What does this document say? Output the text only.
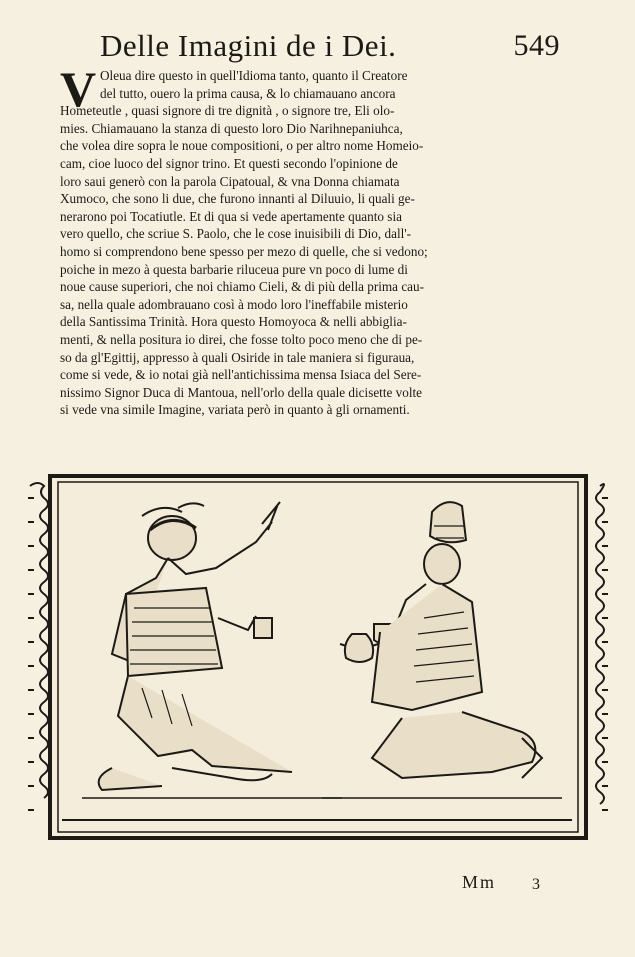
Delle Imagini de i Dei.	549
V Oleua dire questo in quell'Idioma tanto, quanto il Creatore
del tutto, ouero la prima causa, & lo chiamauano ancora
Hometeutle , quasi signore di tre dignità , o signore tre, Eli olo-
mies. Chiamauano la stanza di questo loro Dio Narihnepaniuhca,
che volea dire sopra le noue compositioni, o per altro nome Homeio-
cam, cioe luoco del signor trino. Et questi secondo l'opinione de
loro saui generò con la parola Cipatoual, & vna Donna chiamata
Xumoco, che sono li due, che furono innanti al Diluuio, li quali ge-
nerarono poi Tocatiutle. Et di qua si vede apertamente quanto sia
vero quello, che scriue S. Paolo, che le cose inuisibili di Dio, dall'-
homo si comprendono bene spesso per mezo di quelle, che si vedono;
poiche in mezo à questa barbarie riluceua pure vn poco di lume di
noue cause superiori, che noi chiamo Cieli, & di più della prima cau-
sa, nella quale adombrauano così à modo loro l'ineffabile misterio
della Santissima Trinità. Hora questo Homoyoca & nelli abbiglia-
menti, & nella positura io direi, che fosse tolto poco meno che di pe-
so da gl'Egittij, appresso à quali Osiride in tale maniera si figuraua,
come si vede, & io notai già nell'antichissima mensa Isiaca del Sere-
nissimo Signor Duca di Mantoua, nell'orlo della quale dicisette volte
si vede vna simile Imagine, variata però in quanto à gli ornamenti.
Mm 3
